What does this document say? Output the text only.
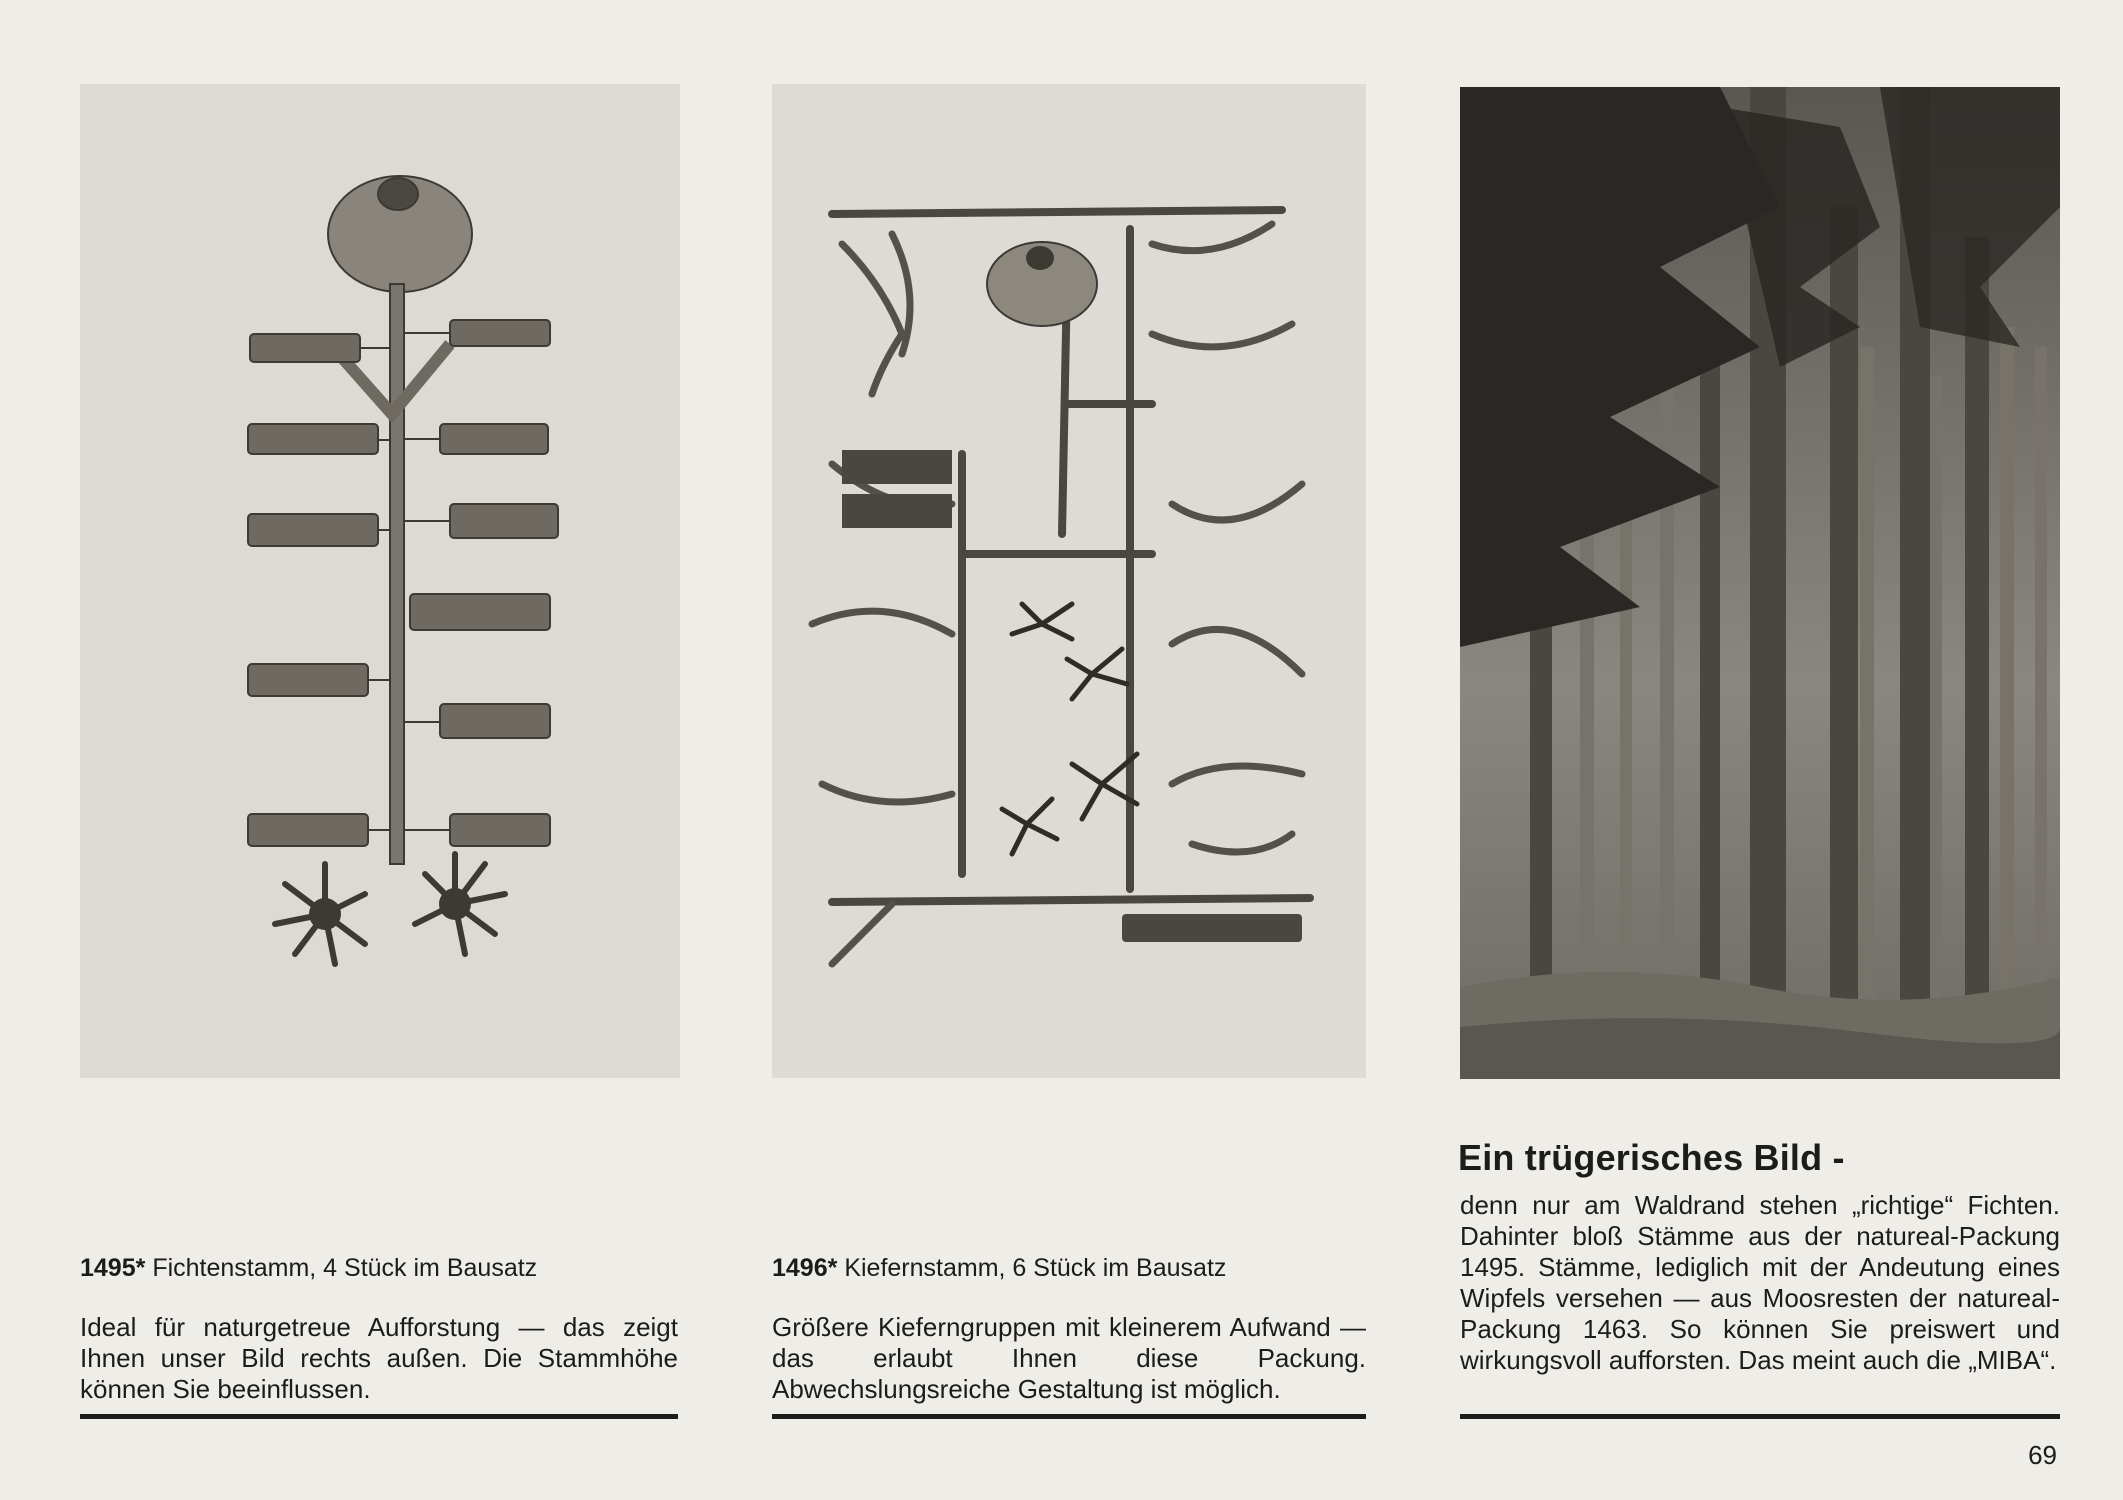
1495* Fichtenstamm, 4 Stück im Bausatz
Ideal für naturgetreue Aufforstung — das zeigt Ihnen unser Bild rechts außen. Die Stammhöhe können Sie beeinflussen.
1496* Kiefernstamm, 6 Stück im Bausatz
Größere Kieferngruppen mit kleinerem Aufwand — das erlaubt Ihnen diese Packung. Abwechslungsreiche Gestaltung ist möglich.
Ein trügerisches Bild -
denn nur am Waldrand stehen „richtige“ Fichten. Dahinter bloß Stämme aus der natureal-Packung 1495. Stämme, lediglich mit der Andeutung eines Wipfels versehen — aus Moosresten der natureal-Packung 1463. So können Sie preiswert und wirkungsvoll aufforsten. Das meint auch die „MIBA“.
69
